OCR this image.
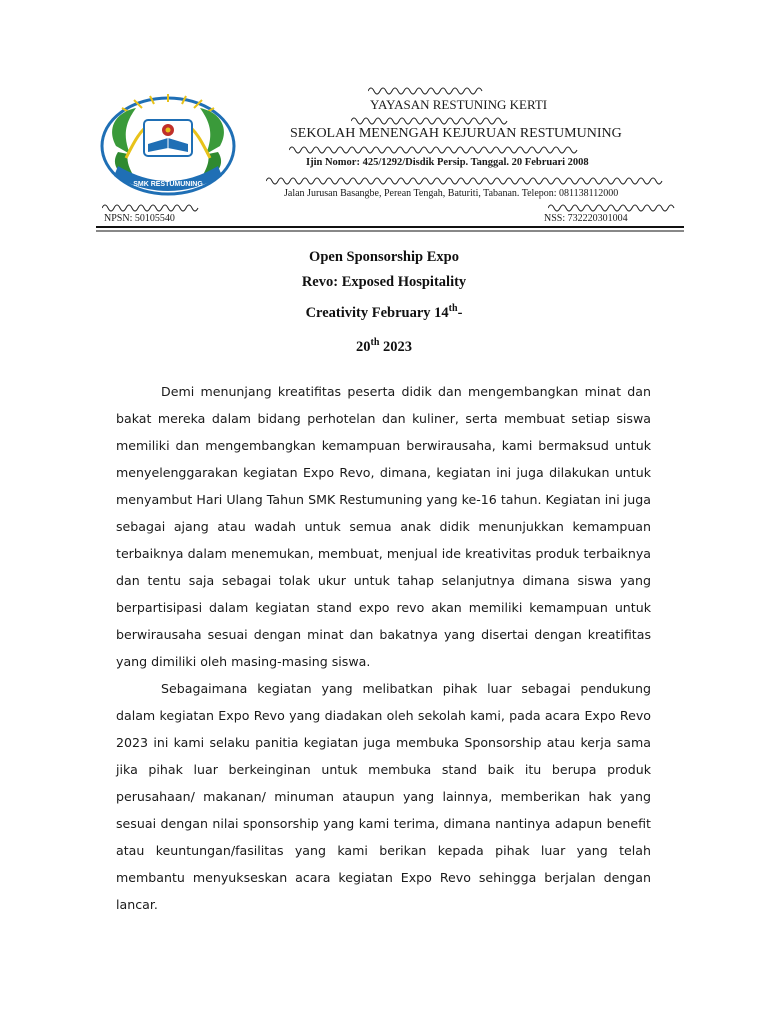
SMK RESTUMUNING
YAYASAN RESTUNING KERTI
SEKOLAH MENENGAH KEJURUAN RESTUMUNING
Ijin Nomor: 425/1292/Disdik Persip. Tanggal. 20 Februari 2008
Jalan Jurusan Basangbe, Perean Tengah, Baturiti, Tabanan. Telepon: 081138112000
NPSN: 50105540	NSS: 732220301004
Open Sponsorship Expo
Revo: Exposed Hospitality
Creativity February 14th-
20th 2023

Demi menunjang kreatifitas peserta didik dan mengembangkan minat dan bakat mereka dalam bidang perhotelan dan kuliner, serta membuat setiap siswa memiliki dan mengembangkan kemampuan berwirausaha, kami bermaksud untuk menyelenggarakan kegiatan Expo Revo, dimana, kegiatan ini juga dilakukan untuk menyambut Hari Ulang Tahun SMK Restumuning yang ke-16 tahun. Kegiatan ini juga sebagai ajang atau wadah untuk semua anak didik menunjukkan kemampuan terbaiknya dalam menemukan, membuat, menjual ide kreativitas produk terbaiknya dan tentu saja sebagai tolak ukur untuk tahap selanjutnya dimana siswa yang berpartisipasi dalam kegiatan stand expo revo akan memiliki kemampuan untuk berwirausaha sesuai dengan minat dan bakatnya yang disertai dengan kreatifitas yang dimiliki oleh masing-masing siswa.

Sebagaimana kegiatan yang melibatkan pihak luar sebagai pendukung dalam kegiatan Expo Revo yang diadakan oleh sekolah kami, pada acara Expo Revo 2023 ini kami selaku panitia kegiatan juga membuka Sponsorship atau kerja sama jika pihak luar berkeinginan untuk membuka stand baik itu berupa produk perusahaan/ makanan/ minuman ataupun yang lainnya, memberikan hak yang sesuai dengan nilai sponsorship yang kami terima, dimana nantinya adapun benefit atau keuntungan/fasilitas yang kami berikan kepada pihak luar yang telah membantu menyukseskan acara kegiatan Expo Revo sehingga berjalan dengan lancar.
